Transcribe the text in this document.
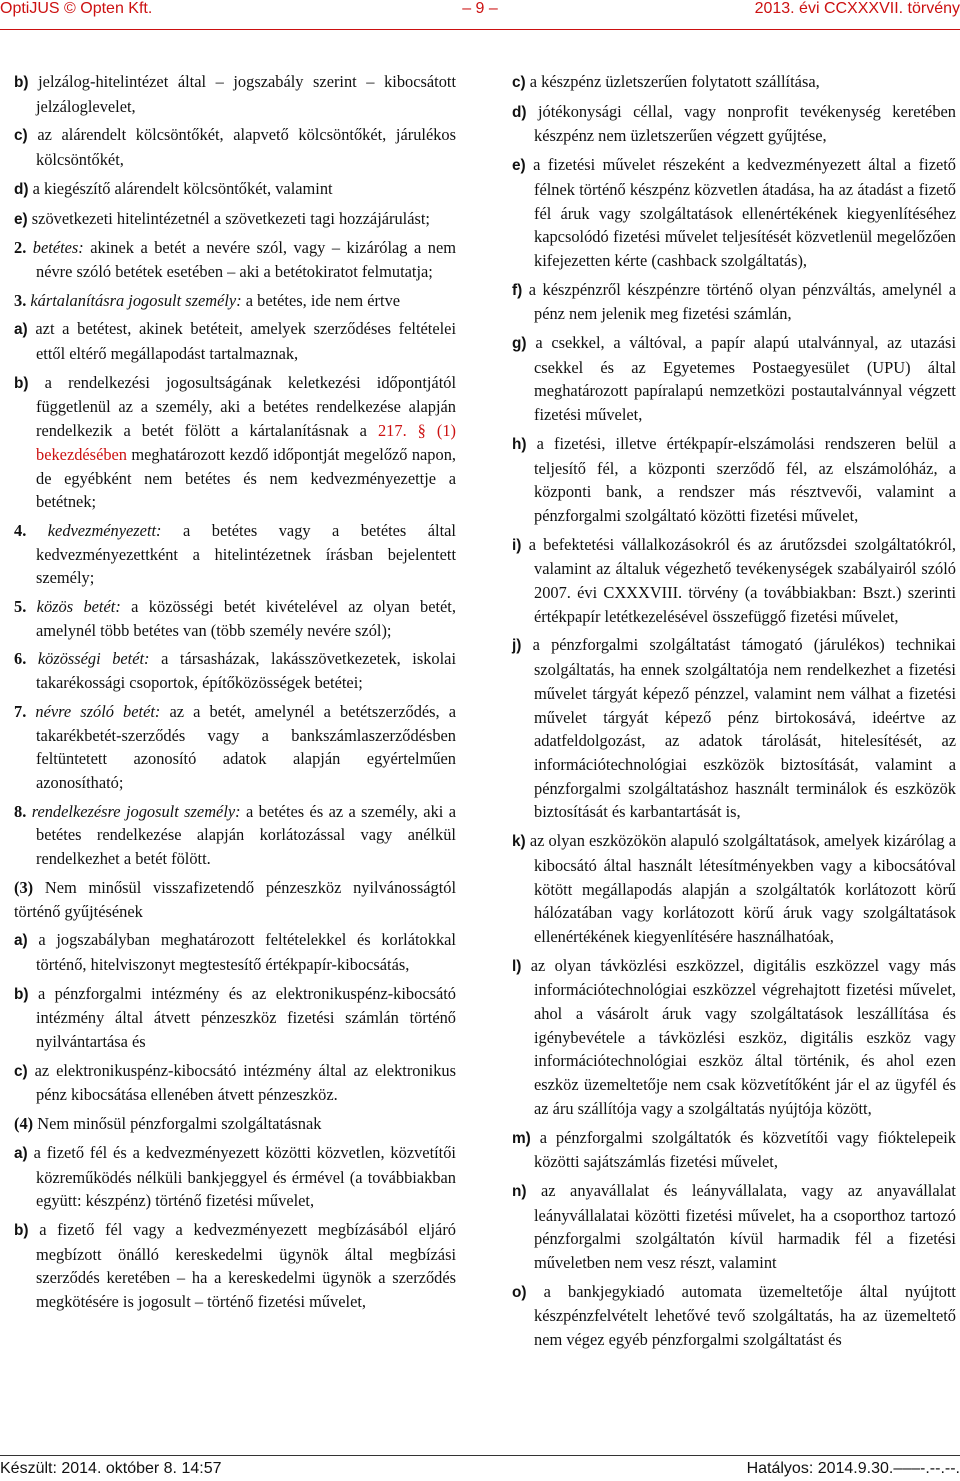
– 9 –
OptiJUS © Opten Kft.	2013. évi CCXXXVII. törvény

b) jelzálog-hitelintézet által – jogszabály szerint – kibocsátott jelzáloglevelet,

c) az alárendelt kölcsöntőkét, alapvető kölcsöntőkét, járulékos kölcsöntőkét,

d) a kiegészítő alárendelt kölcsöntőkét, valamint

e) szövetkezeti hitelintézetnél a szövetkezeti tagi hozzájárulást;

2. betétes: akinek a betét a nevére szól, vagy – kizárólag a nem névre szóló betétek esetében – aki a betétokiratot felmutatja;

3. kártalanításra jogosult személy: a betétes, ide nem értve

a) azt a betétest, akinek betéteit, amelyek szerződéses feltételei ettől eltérő megállapodást tartalmaznak,

b) a rendelkezési jogosultságának keletkezési időpontjától függetlenül az a személy, aki a betétes rendelkezése alapján rendelkezik a betét fölött a kártalanításnak a 217. § (1) bekezdésében meghatározott kezdő időpontját megelőző napon, de egyébként nem betétes és nem kedvezményezettje a betétnek;

4. kedvezményezett: a betétes vagy a betétes által kedvezményezettként a hitelintézetnek írásban bejelentett személy;

5. közös betét: a közösségi betét kivételével az olyan betét, amelynél több betétes van (több személy nevére szól);

6. közösségi betét: a társasházak, lakásszövetkezetek, iskolai takarékossági csoportok, építőközösségek betétei;

7. névre szóló betét: az a betét, amelynél a betétszerződés, a takarékbetét-szerződés vagy a bankszámlaszerződésben feltüntetett azonosító adatok alapján egyértelműen azonosítható;

8. rendelkezésre jogosult személy: a betétes és az a személy, aki a betétes rendelkezése alapján korlátozással vagy anélkül rendelkezhet a betét fölött.

(3) Nem minősül visszafizetendő pénzeszköz nyilvánosságtól történő gyűjtésének

a) a jogszabályban meghatározott feltételekkel és korlátokkal történő, hitelviszonyt megtestesítő értékpapír-kibocsátás,

b) a pénzforgalmi intézmény és az elektronikuspénz-kibocsátó intézmény által átvett pénzeszköz fizetési számlán történő nyilvántartása és

c) az elektronikuspénz-kibocsátó intézmény által az elektronikus pénz kibocsátása ellenében átvett pénzeszköz.

(4) Nem minősül pénzforgalmi szolgáltatásnak

a) a fizető fél és a kedvezményezett közötti közvetlen, közvetítői közreműködés nélküli bankjeggyel és érmével (a továbbiakban együtt: készpénz) történő fizetési művelet,

b) a fizető fél vagy a kedvezményezett megbízásából eljáró megbízott önálló kereskedelmi ügynök által megbízási szerződés keretében – ha a kereskedelmi ügynök a szerződés megkötésére is jogosult – történő fizetési művelet,

c) a készpénz üzletszerűen folytatott szállítása,

d) jótékonysági céllal, vagy nonprofit tevékenység keretében készpénz nem üzletszerűen végzett gyűjtése,

e) a fizetési művelet részeként a kedvezményezett által a fizető félnek történő készpénz közvetlen átadása, ha az átadást a fizető fél áruk vagy szolgáltatások ellenértékének kiegyenlítéséhez kapcsolódó fizetési művelet teljesítését közvetlenül megelőzően kifejezetten kérte (cashback szolgáltatás),

f) a készpénzről készpénzre történő olyan pénzváltás, amelynél a pénz nem jelenik meg fizetési számlán,

g) a csekkel, a váltóval, a papír alapú utalvánnyal, az utazási csekkel és az Egyetemes Postaegyesület (UPU) által meghatározott papíralapú nemzetközi postautalvánnyal végzett fizetési művelet,

h) a fizetési, illetve értékpapír-elszámolási rendszeren belül a teljesítő fél, a központi szerződő fél, az elszámolóház, a központi bank, a rendszer más résztvevői, valamint a pénzforgalmi szolgáltató közötti fizetési művelet,

i) a befektetési vállalkozásokról és az árutőzsdei szolgáltatókról, valamint az általuk végezhető tevékenységek szabályairól szóló 2007. évi CXXXVIII. törvény (a továbbiakban: Bszt.) szerinti értékpapír letétkezelésével összefüggő fizetési művelet,

j) a pénzforgalmi szolgáltatást támogató (járulékos) technikai szolgáltatás, ha ennek szolgáltatója nem rendelkezhet a fizetési művelet tárgyát képező pénzzel, valamint nem válhat a fizetési művelet tárgyát képező pénz birtokosává, ideértve az adatfeldolgozást, az adatok tárolását, hitelesítését, az információtechnológiai eszközök biztosítását, valamint a pénzforgalmi szolgáltatáshoz használt terminálok és eszközök biztosítását és karbantartását is,

k) az olyan eszközökön alapuló szolgáltatások, amelyek kizárólag a kibocsátó által használt létesítményekben vagy a kibocsátóval kötött megállapodás alapján a szolgáltatók korlátozott körű hálózatában vagy korlátozott körű áruk vagy szolgáltatások ellenértékének kiegyenlítésére használhatóak,

l) az olyan távközlési eszközzel, digitális eszközzel vagy más információtechnológiai eszközzel végrehajtott fizetési művelet, ahol a vásárolt áruk vagy szolgáltatások leszállítása és igénybevétele a távközlési eszköz, digitális eszköz vagy információtechnológiai eszköz által történik, és ahol ezen eszköz üzemeltetője nem csak közvetítőként jár el az ügyfél és az áru szállítója vagy a szolgáltatás nyújtója között,

m) a pénzforgalmi szolgáltatók és közvetítői vagy fióktelepeik közötti sajátszámlás fizetési művelet,

n) az anyavállalat és leányvállalata, vagy az anyavállalat leányvállalatai közötti fizetési művelet, ha a csoporthoz tartozó pénzforgalmi szolgáltatón kívül harmadik fél a fizetési műveletben nem vesz részt, valamint

o) a bankjegykiadó automata üzemeltetője által nyújtott készpénzfelvételt lehetővé tevő szolgáltatás, ha az üzemeltető nem végez egyéb pénzforgalmi szolgáltatást és

Készült: 2014. október 8. 14:57	Hatályos: 2014.9.30.–––-.--.--.
